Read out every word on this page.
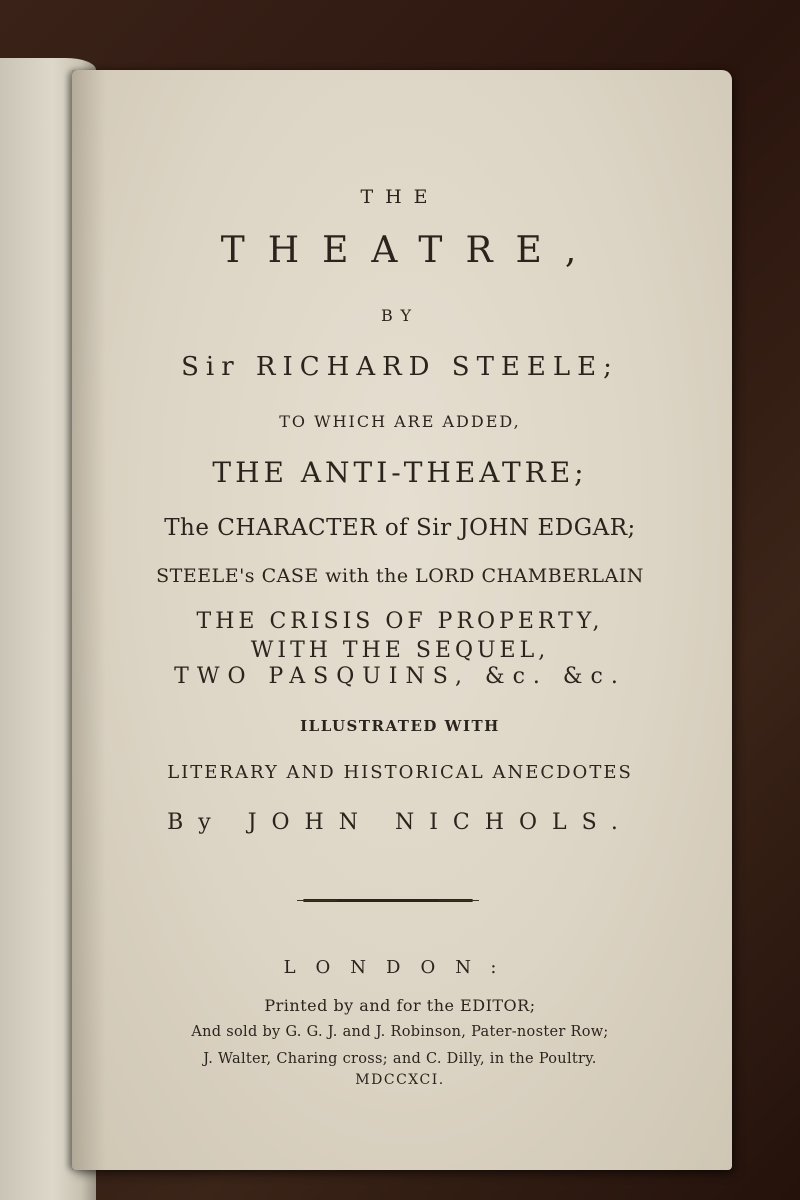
THE
THEATRE,
BY
Sir RICHARD STEELE;
TO WHICH ARE ADDED,
THE ANTI-THEATRE;
The CHARACTER of Sir JOHN EDGAR;
STEELE's CASE with the LORD CHAMBERLAIN
THE CRISIS OF PROPERTY,
WITH THE SEQUEL,
TWO PASQUINS, &c. &c.
ILLUSTRATED WITH
LITERARY AND HISTORICAL ANECDOTES
By JOHN NICHOLS.
LONDON:
Printed by and for the EDITOR;
And sold by G. G. J. and J. Robinson, Pater-noster Row;
J. Walter, Charing cross; and C. Dilly, in the Poultry.
MDCCXCI.
